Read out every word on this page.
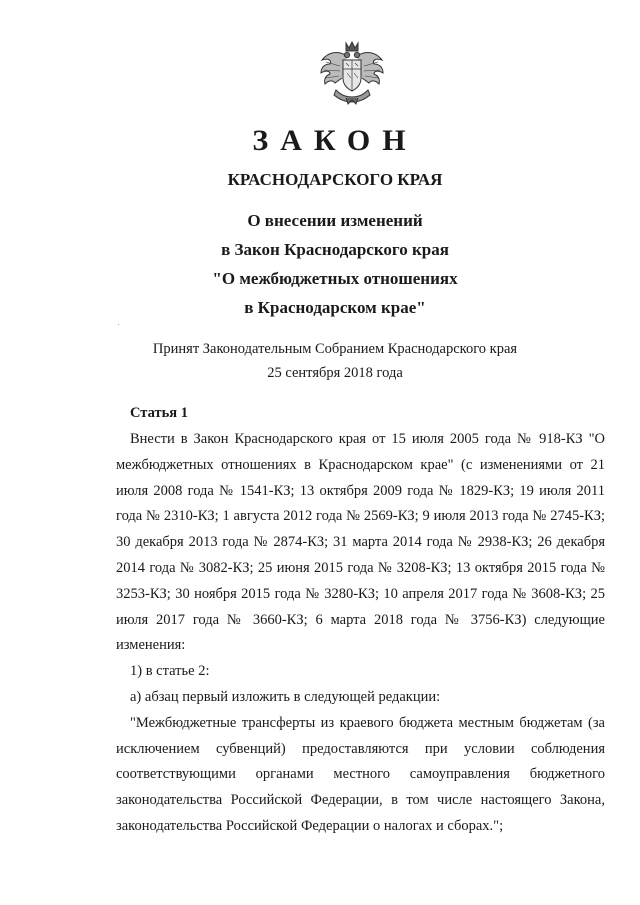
ЗАКОН
КРАСНОДАРСКОГО КРАЯ
О внесении изменений
в Закон Краснодарского края
"О межбюджетных отношениях
в Краснодарском крае"
·
Принят Законодательным Собранием Краснодарского края
25 сентября 2018 года
Статья 1

Внести в Закон Краснодарского края от 15 июля 2005 года № 918-КЗ "О межбюджетных отношениях в Краснодарском крае" (с изменениями от 21 июля 2008 года № 1541-КЗ; 13 октября 2009 года № 1829-КЗ; 19 июля 2011 года № 2310-КЗ; 1 августа 2012 года № 2569-КЗ; 9 июля 2013 года № 2745-КЗ; 30 декабря 2013 года № 2874-КЗ; 31 марта 2014 года № 2938-КЗ; 26 декабря 2014 года № 3082-КЗ; 25 июня 2015 года № 3208-КЗ; 13 октября 2015 года № 3253-КЗ; 30 ноября 2015 года № 3280-КЗ; 10 апреля 2017 года № 3608-КЗ; 25 июля 2017 года № 3660-КЗ; 6 марта 2018 года № 3756-КЗ) следующие изменения:

1) в статье 2:

а) абзац первый изложить в следующей редакции:

"Межбюджетные трансферты из краевого бюджета местным бюджетам (за исключением субвенций) предоставляются при условии соблюдения соответствующими органами местного самоуправления бюджетного законодательства Российской Федерации, в том числе настоящего Закона, законодательства Российской Федерации о налогах и сборах.";
